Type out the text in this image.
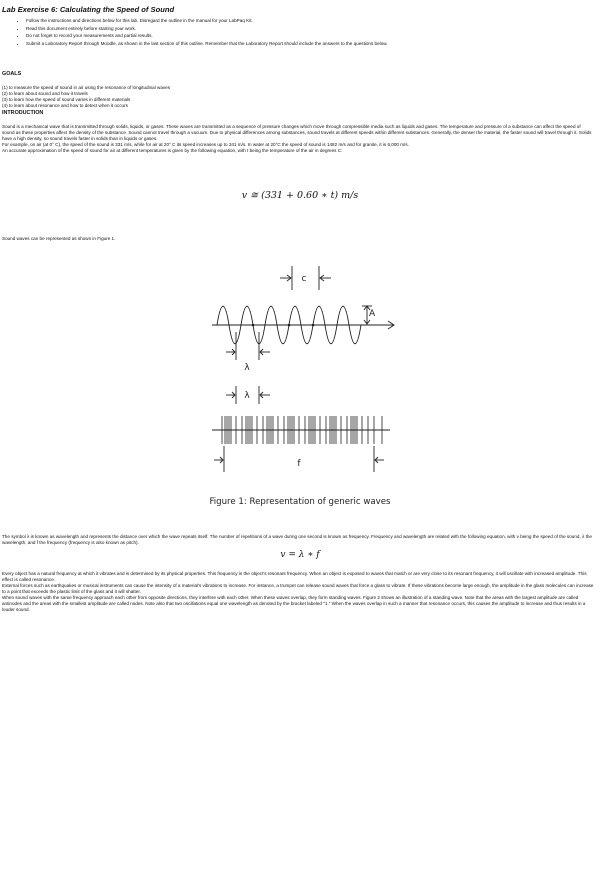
Lab Exercise 6: Calculating the Speed of Sound
• Follow the instructions and directions below for this lab. Disregard the outline in the manual for your LabPaq Kit.
• Read this document entirely before starting your work.
• Do not forget to record your measurements and partial results.
• Submit a Laboratory Report through Moodle, as shown in the last section of this outline. Remember that the Laboratory Report should include the answers to the questions below.
GOALS

(1) to measure the speed of sound in air using the resonance of longitudinal waves

(2) to learn about sound and how it travels

(3) to learn how the speed of sound varies in different materials

(4) to learn about resonance and how to detect when it occurs

INTRODUCTION

Sound is a mechanical wave that is transmitted through solids, liquids, or gases. These waves are transmitted as a sequence of pressure changes which move through compressible media such as liquids and gases. The temperature and pressure of a substance can affect the speed of sound as these properties affect the density of the substance. Sound cannot travel through a vacuum. Due to physical differences among substances, sound travels at different speeds within different substances. Generally, the denser the material, the faster sound will travel through it. Solids have a high density, so sound travels faster in solids than in liquids or gases.

For example, on air (at 0° C), the speed of the sound is 331 m/s, while for air at 20° C its speed increases up to 341 m/s. In water at 20°C the speed of sound is 1482 m/s and for granite, it is 6,000 m/s.

An accurate approximation of the speed of sound for air at different temperatures is given by the following equation, with t being the temperature of the air in degrees C:

v ≅ (331 + 0.60 ∗ t) m/s
Sound waves can be represented as shown in Figure 1.
c
A
λ
λ
f
Figure 1: Representation of generic waves
The symbol λ is known as wavelength and represents the distance over which the wave repeats itself. The number of repetitions of a wave during one second is known as frequency. Frequency and wavelength are related with the following equation, with v being the speed of the sound, λ the wavelength, and f the frequency (frequency is also known as pitch).
v = λ ∗ f

Every object has a natural frequency at which it vibrates and is determined by its physical properties. This frequency is the object's resonant frequency. When an object is exposed to waves that match or are very close to its resonant frequency, it will oscillate with increased amplitude. This effect is called resonance.

External forces such as earthquakes or musical instruments can cause the intensity of a material's vibrations to increase. For instance, a trumpet can release sound waves that force a glass to vibrate. If these vibrations become large enough, the amplitude in the glass molecules can increase to a point that exceeds the plastic limit of the glass and it will shatter.

When sound waves with the same frequency approach each other from opposite directions, they interfere with each other. When these waves overlap, they form standing waves. Figure 2 shows an illustration of a standing wave. Note that the areas with the largest amplitude are called antinodes and the areas with the smallest amplitude are called nodes. Note also that two oscillations equal one wavelength as denoted by the bracket labeled "1." When the waves overlap in such a manner that resonance occurs, this causes the amplitude to increase and thus results in a louder sound.
